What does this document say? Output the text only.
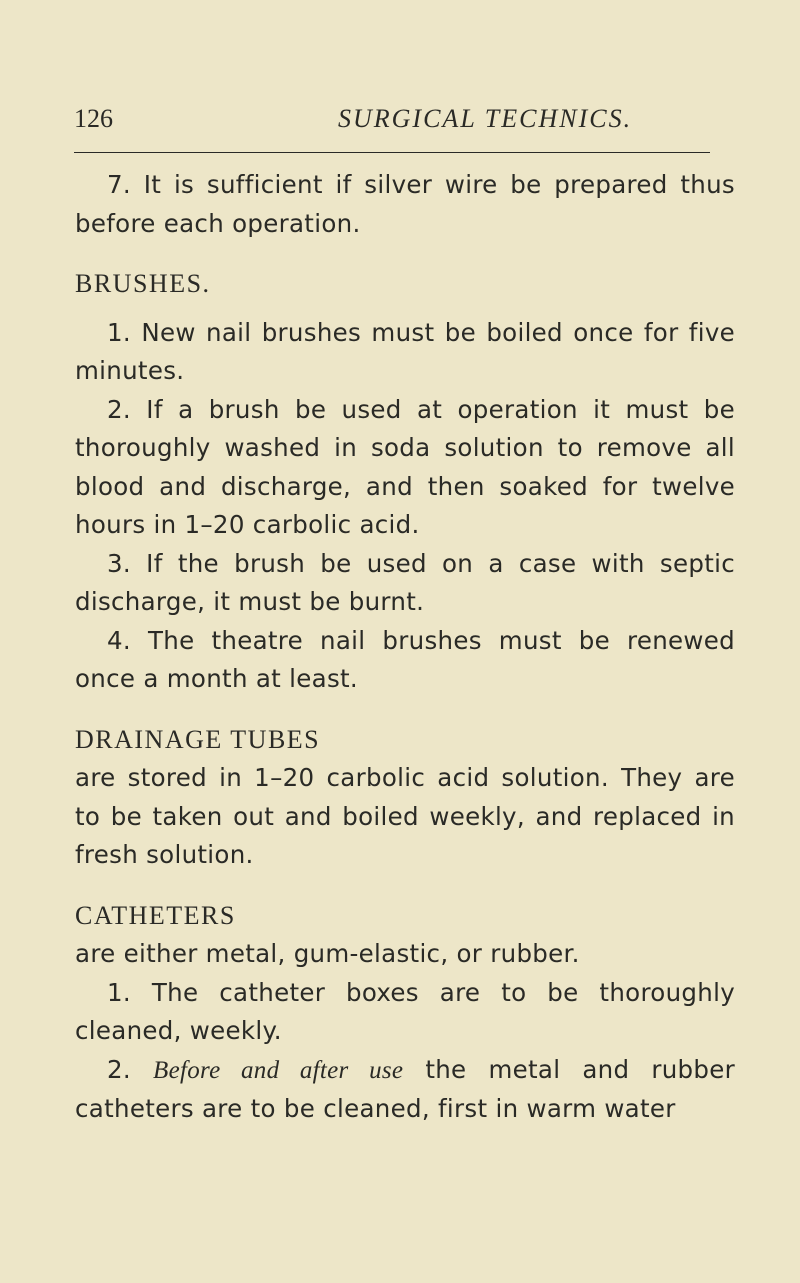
126	SURGICAL TECHNICS.

7. It is sufficient if silver wire be prepared thus before each operation.

BRUSHES.

1. New nail brushes must be boiled once for five minutes.

2. If a brush be used at operation it must be thoroughly washed in soda solution to remove all blood and discharge, and then soaked for twelve hours in 1–20 carbolic acid.

3. If the brush be used on a case with septic discharge, it must be burnt.

4. The theatre nail brushes must be renewed once a month at least.

DRAINAGE TUBES

are stored in 1–20 carbolic acid solution. They are to be taken out and boiled weekly, and replaced in fresh solution.

CATHETERS

are either metal, gum-elastic, or rubber.

1. The catheter boxes are to be thoroughly cleaned, weekly.

2. Before and after use the metal and rubber catheters are to be cleaned, first in warm water
